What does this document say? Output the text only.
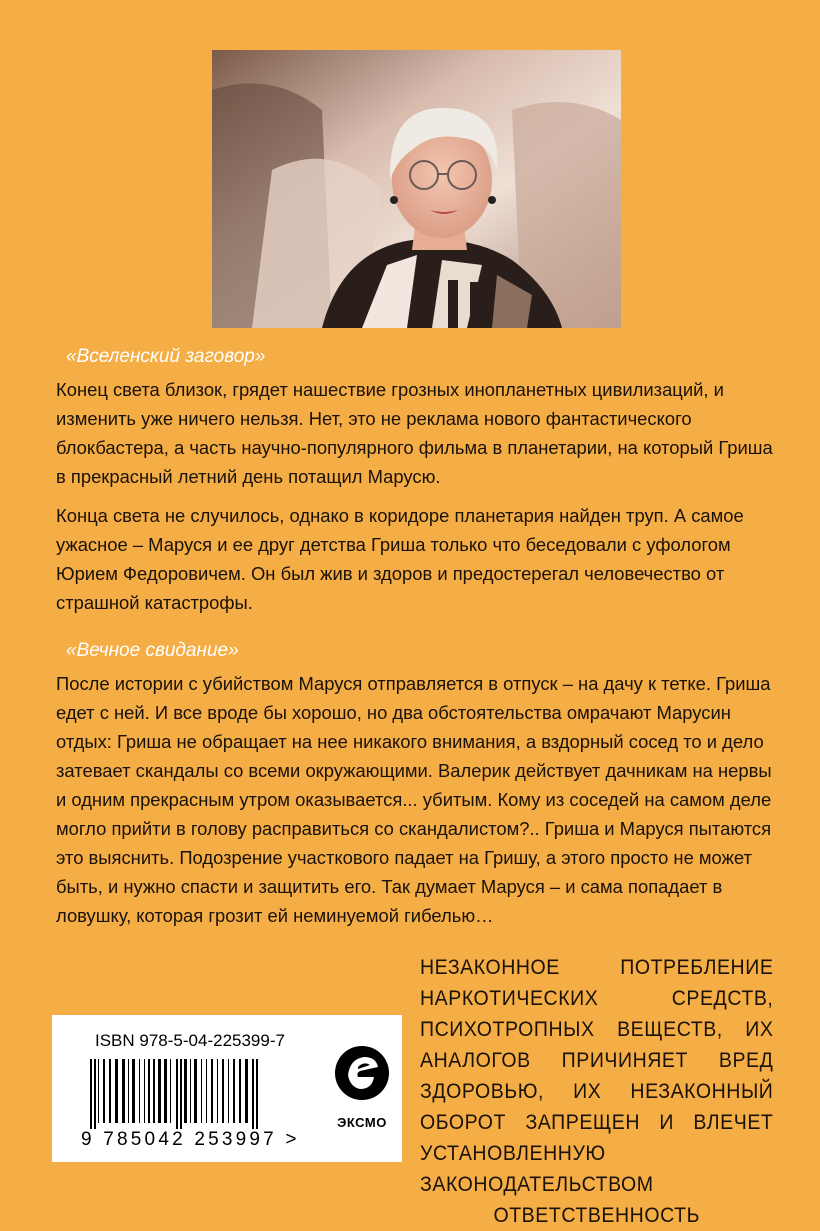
«Вселенский заговор»

Конец света близок, грядет нашествие грозных инопланетных цивилизаций, и изменить уже ничего нельзя. Нет, это не реклама нового фантастического блокбастера, а часть научно-популярного фильма в планетарии, на который Гриша в прекрасный летний день потащил Марусю.

Конца света не случилось, однако в коридоре планетария найден труп. А самое ужасное – Маруся и ее друг детства Гриша только что беседовали с уфологом Юрием Федоровичем. Он был жив и здоров и предостерегал человечество от страшной катастрофы.

«Вечное свидание»

После истории с убийством Маруся отправляется в отпуск – на дачу к тетке. Гриша едет с ней. И все вроде бы хорошо, но два обстоятельства омрачают Марусин отдых: Гриша не обращает на нее никакого внимания, а вздорный сосед то и дело затевает скандалы со всеми окружающими. Валерик действует дачникам на нервы и одним прекрасным утром оказывается... убитым. Кому из соседей на самом деле могло прийти в голову расправиться со скандалистом?.. Гриша и Маруся пытаются это выяснить. Подозрение участкового падает на Гришу, а этого просто не может быть, и нужно спасти и защитить его. Так думает Маруся – и сама попадает в ловушку, которая грозит ей неминуемой гибелью…

НЕЗАКОННОЕ ПОТРЕБЛЕНИЕ НАРКОТИЧЕСКИХ СРЕДСТВ, ПСИХОТРОПНЫХ ВЕЩЕСТВ, ИХ АНАЛОГОВ ПРИЧИНЯЕТ ВРЕД ЗДОРОВЬЮ, ИХ НЕЗАКОННЫЙ ОБОРОТ ЗАПРЕЩЕН И ВЛЕЧЕТ УСТАНОВЛЕННУЮ ЗАКОНОДАТЕЛЬСТВОМ ОТВЕТСТВЕННОСТЬ
ISBN 978-5-04-225399-7
9 785042 253997 >
ЭКСМО
